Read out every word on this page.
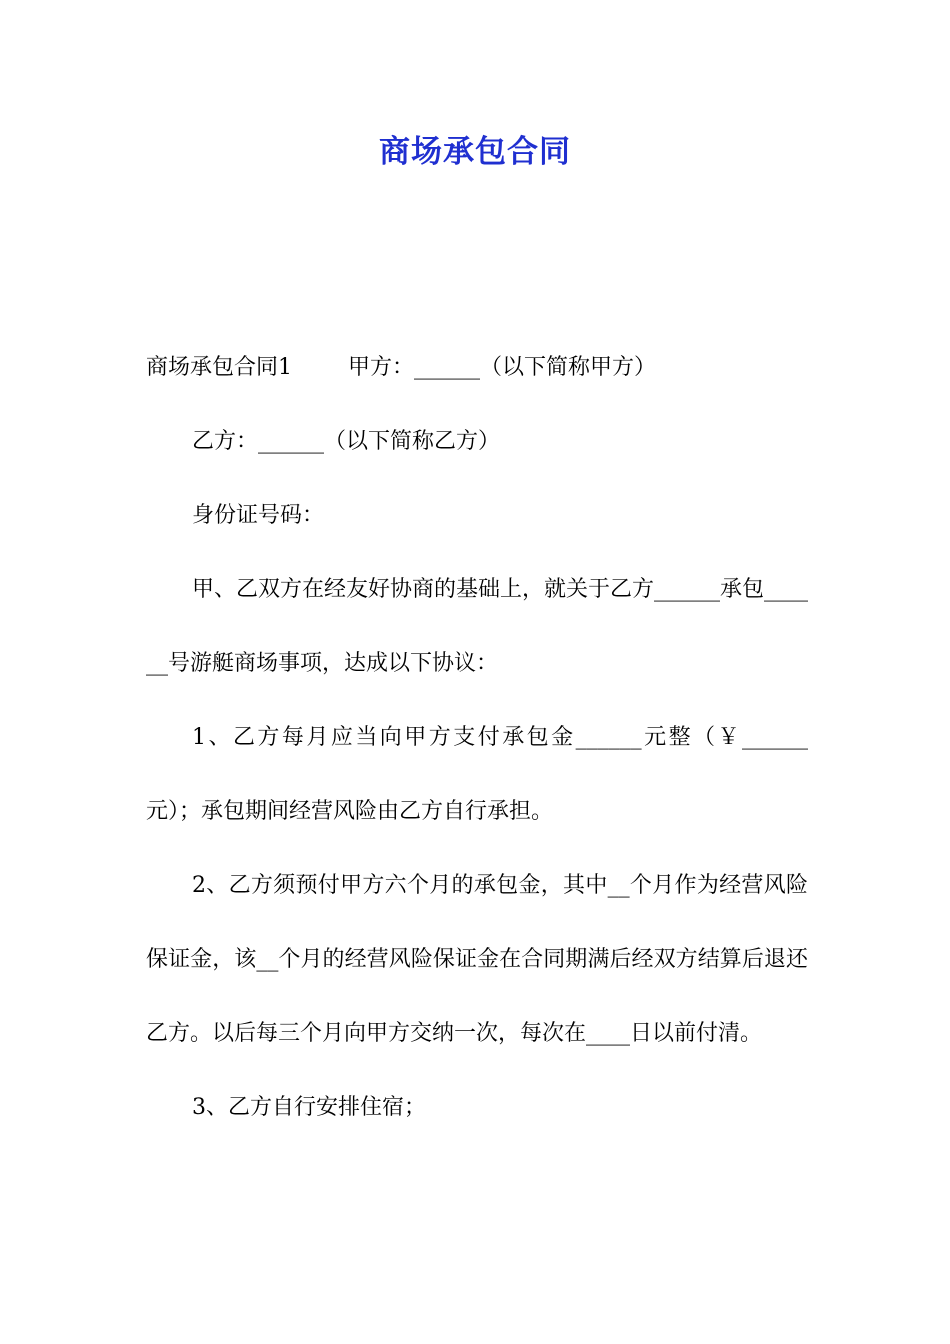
商场承包合同

商场承包合同1	甲方：______（以下简称甲方）

乙方：______（以下简称乙方）

身份证号码：

甲、乙双方在经友好协商的基础上，就关于乙方______承包______号游艇商场事项，达成以下协议：

1、乙方每月应当向甲方支付承包金______元整（￥______元）；承包期间经营风险由乙方自行承担。

2、乙方须预付甲方六个月的承包金，其中__个月作为经营风险保证金，该__个月的经营风险保证金在合同期满后经双方结算后退还乙方。以后每三个月向甲方交纳一次，每次在____日以前付清。

3、乙方自行安排住宿；
